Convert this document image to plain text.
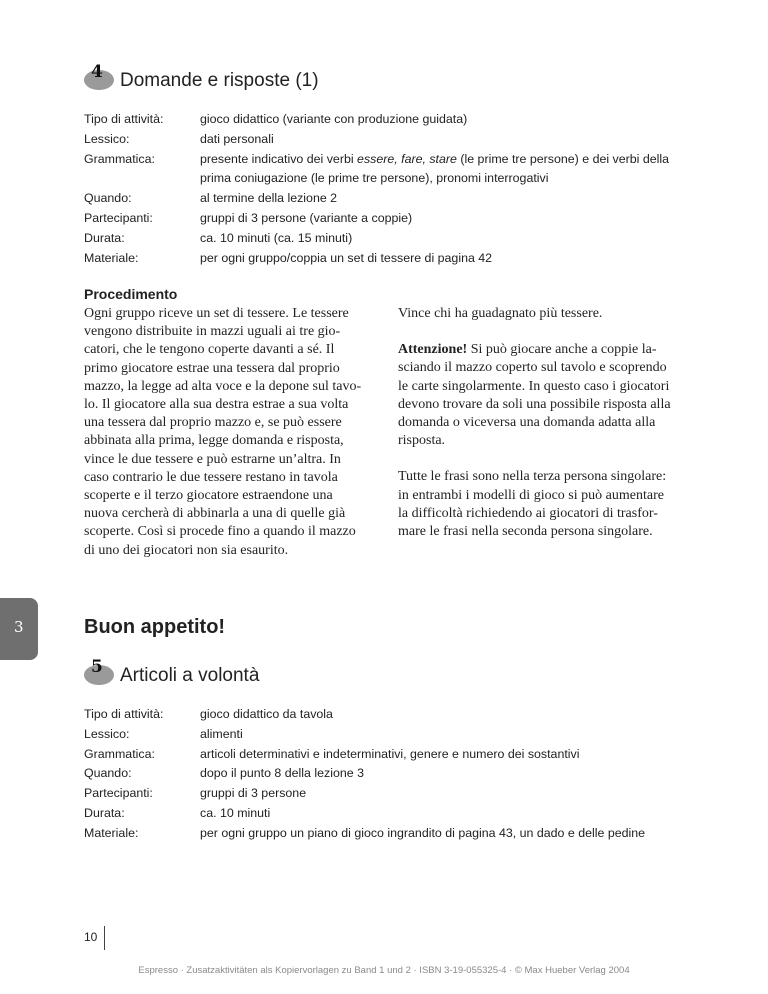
4 Domande e risposte (1)
Tipo di attività:	gioco didattico (variante con produzione guidata)
Lessico:	dati personali
Grammatica:	presente indicativo dei verbi essere, fare, stare (le prime tre persone) e dei verbi della
prima coniugazione (le prime tre persone), pronomi interrogativi
Quando:	al termine della lezione 2
Partecipanti:	gruppi di 3 persone (variante a coppie)
Durata:	ca. 10 minuti (ca. 15 minuti)
Materiale:	per ogni gruppo/coppia un set di tessere di pagina 42
Procedimento
Ogni gruppo riceve un set di tessere. Le tessere
vengono distribuite in mazzi uguali ai tre gio-
catori, che le tengono coperte davanti a sé. Il
primo giocatore estrae una tessera dal proprio
mazzo, la legge ad alta voce e la depone sul tavo-
lo. Il giocatore alla sua destra estrae a sua volta
una tessera dal proprio mazzo e, se può essere
abbinata alla prima, legge domanda e risposta,
vince le due tessere e può estrarne un’altra. In
caso contrario le due tessere restano in tavola
scoperte e il terzo giocatore estraendone una
nuova cercherà di abbinarla a una di quelle già
scoperte. Così si procede fino a quando il mazzo
di uno dei giocatori non sia esaurito.
Vince chi ha guadagnato più tessere.
Attenzione! Si può giocare anche a coppie la-
sciando il mazzo coperto sul tavolo e scoprendo
le carte singolarmente. In questo caso i giocatori
devono trovare da soli una possibile risposta alla
domanda o viceversa una domanda adatta alla
risposta.
Tutte le frasi sono nella terza persona singolare:
in entrambi i modelli di gioco si può aumentare
la difficoltà richiedendo ai giocatori di trasfor-
mare le frasi nella seconda persona singolare.
3	Buon appetito!
5 Articoli a volontà
Tipo di attività:	gioco didattico da tavola
Lessico:	alimenti
Grammatica:	articoli determinativi e indeterminativi, genere e numero dei sostantivi
Quando:	dopo il punto 8 della lezione 3
Partecipanti:	gruppi di 3 persone
Durata:	ca. 10 minuti
Materiale:	per ogni gruppo un piano di gioco ingrandito di pagina 43, un dado e delle pedine
10
Espresso · Zusatzaktivitäten als Kopiervorlagen zu Band 1 und 2 · ISBN 3-19-055325-4 · © Max Hueber Verlag 2004
